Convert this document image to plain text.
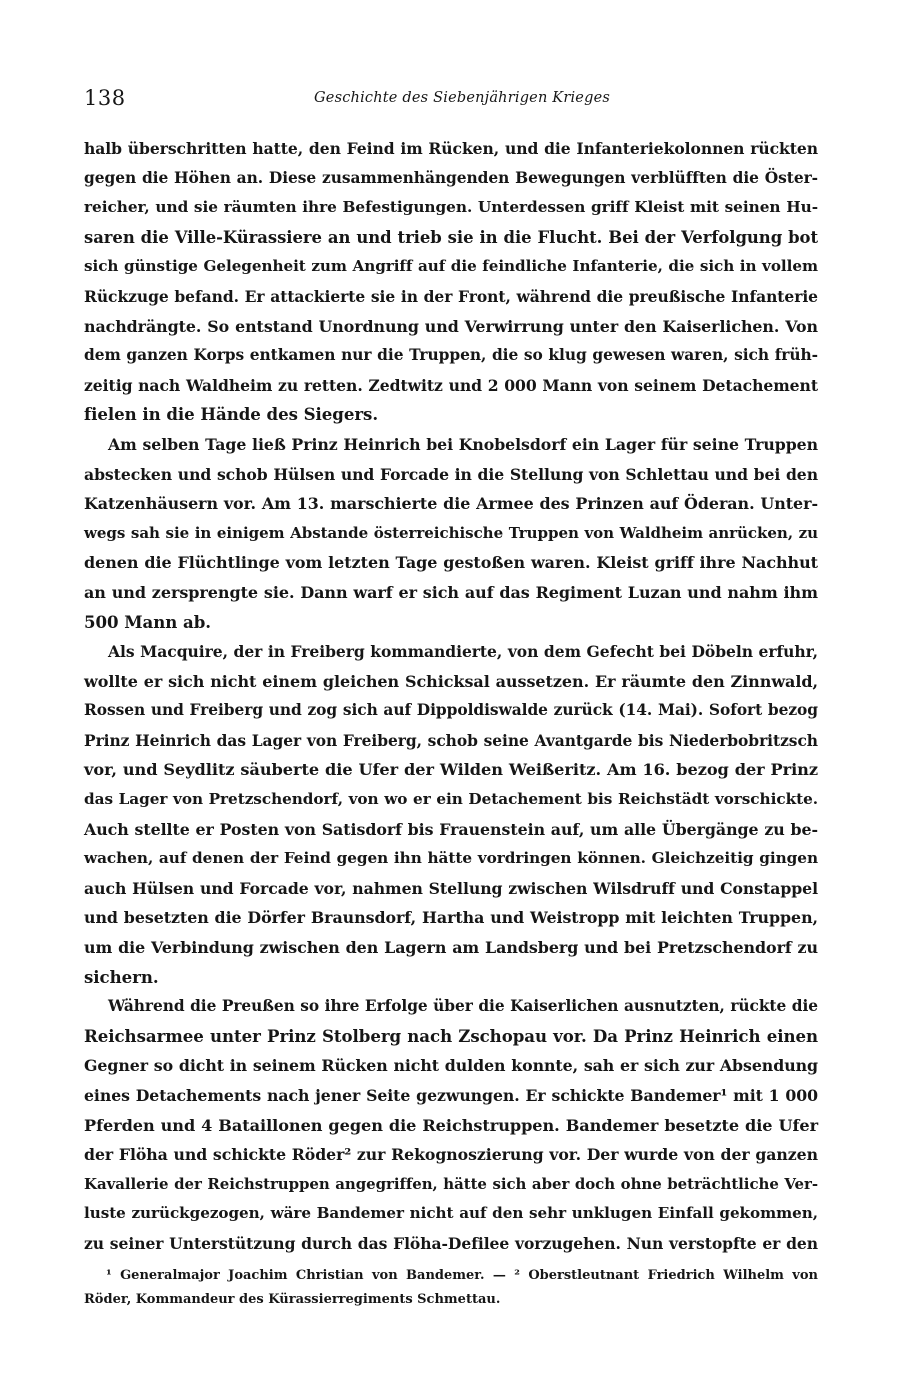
138	Geschichte des Siebenjährigen Krieges

halb überschritten hatte, den Feind im Rücken, und die Infanteriekolonnen rückten
gegen die Höhen an. Diese zusammenhängenden Bewegungen verblüfften die Öster-
reicher, und sie räumten ihre Befestigungen. Unterdessen griff Kleist mit seinen Hu-
saren die Ville-Kürassiere an und trieb sie in die Flucht. Bei der Verfolgung bot
sich günstige Gelegenheit zum Angriff auf die feindliche Infanterie, die sich in vollem
Rückzuge befand. Er attackierte sie in der Front, während die preußische Infanterie
nachdrängte. So entstand Unordnung und Verwirrung unter den Kaiserlichen. Von
dem ganzen Korps entkamen nur die Truppen, die so klug gewesen waren, sich früh-
zeitig nach Waldheim zu retten. Zedtwitz und 2 000 Mann von seinem Detachement
fielen in die Hände des Siegers.

Am selben Tage ließ Prinz Heinrich bei Knobelsdorf ein Lager für seine Truppen
abstecken und schob Hülsen und Forcade in die Stellung von Schlettau und bei den
Katzenhäusern vor. Am 13. marschierte die Armee des Prinzen auf Öderan. Unter-
wegs sah sie in einigem Abstande österreichische Truppen von Waldheim anrücken, zu
denen die Flüchtlinge vom letzten Tage gestoßen waren. Kleist griff ihre Nachhut
an und zersprengte sie. Dann warf er sich auf das Regiment Luzan und nahm ihm
500 Mann ab.

Als Macquire, der in Freiberg kommandierte, von dem Gefecht bei Döbeln erfuhr,
wollte er sich nicht einem gleichen Schicksal aussetzen. Er räumte den Zinnwald,
Rossen und Freiberg und zog sich auf Dippoldiswalde zurück (14. Mai). Sofort bezog
Prinz Heinrich das Lager von Freiberg, schob seine Avantgarde bis Niederbobritzsch
vor, und Seydlitz säuberte die Ufer der Wilden Weißeritz. Am 16. bezog der Prinz
das Lager von Pretzschendorf, von wo er ein Detachement bis Reichstädt vorschickte.
Auch stellte er Posten von Satisdorf bis Frauenstein auf, um alle Übergänge zu be-
wachen, auf denen der Feind gegen ihn hätte vordringen können. Gleichzeitig gingen
auch Hülsen und Forcade vor, nahmen Stellung zwischen Wilsdruff und Constappel
und besetzten die Dörfer Braunsdorf, Hartha und Weistropp mit leichten Truppen,
um die Verbindung zwischen den Lagern am Landsberg und bei Pretzschendorf zu
sichern.

Während die Preußen so ihre Erfolge über die Kaiserlichen ausnutzten, rückte die
Reichsarmee unter Prinz Stolberg nach Zschopau vor. Da Prinz Heinrich einen
Gegner so dicht in seinem Rücken nicht dulden konnte, sah er sich zur Absendung
eines Detachements nach jener Seite gezwungen. Er schickte Bandemer¹ mit 1 000
Pferden und 4 Bataillonen gegen die Reichstruppen. Bandemer besetzte die Ufer
der Flöha und schickte Röder² zur Rekognoszierung vor. Der wurde von der ganzen
Kavallerie der Reichstruppen angegriffen, hätte sich aber doch ohne beträchtliche Ver-
luste zurückgezogen, wäre Bandemer nicht auf den sehr unklugen Einfall gekommen,
zu seiner Unterstützung durch das Flöha-Defilee vorzugehen. Nun verstopfte er den

¹ Generalmajor Joachim Christian von Bandemer. — ² Oberstleutnant Friedrich Wilhelm von
Röder, Kommandeur des Kürassierregiments Schmettau.
